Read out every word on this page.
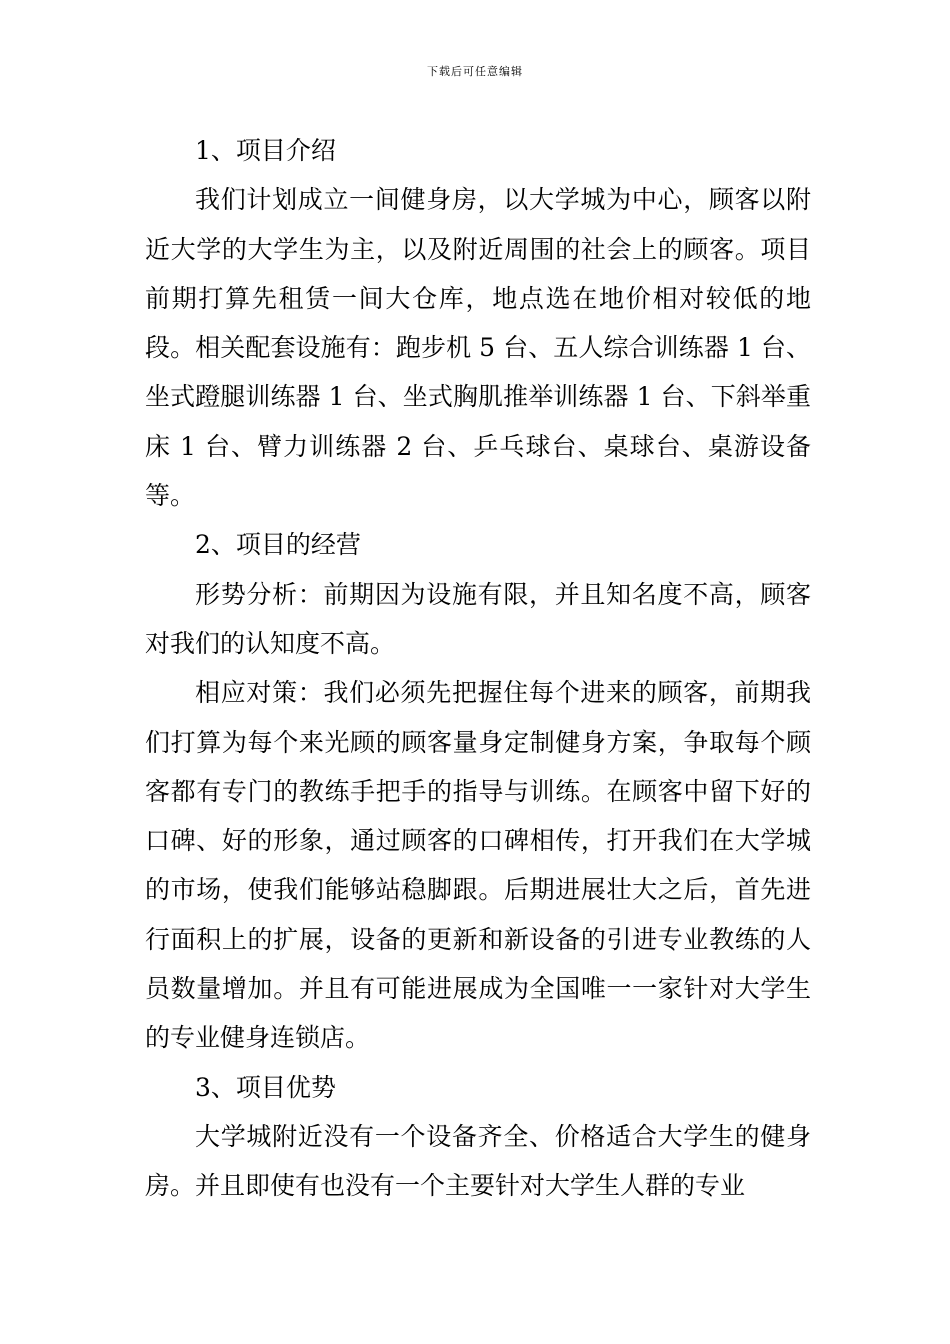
下载后可任意编辑

1、项目介绍

我们计划成立一间健身房，以大学城为中心，顾客以附近大学的大学生为主，以及附近周围的社会上的顾客。项目前期打算先租赁一间大仓库，地点选在地价相对较低的地段。相关配套设施有：跑步机 5 台、五人综合训练器 1 台、坐式蹬腿训练器 1 台、坐式胸肌推举训练器 1 台、下斜举重床 1 台、臂力训练器 2 台、乒乓球台、桌球台、桌游设备等。

2、项目的经营

形势分析：前期因为设施有限，并且知名度不高，顾客对我们的认知度不高。

相应对策：我们必须先把握住每个进来的顾客，前期我们打算为每个来光顾的顾客量身定制健身方案，争取每个顾客都有专门的教练手把手的指导与训练。在顾客中留下好的口碑、好的形象，通过顾客的口碑相传，打开我们在大学城的市场，使我们能够站稳脚跟。后期进展壮大之后，首先进行面积上的扩展，设备的更新和新设备的引进专业教练的人员数量增加。并且有可能进展成为全国唯一一家针对大学生的专业健身连锁店。

3、项目优势

大学城附近没有一个设备齐全、价格适合大学生的健身房。并且即使有也没有一个主要针对大学生人群的专业
